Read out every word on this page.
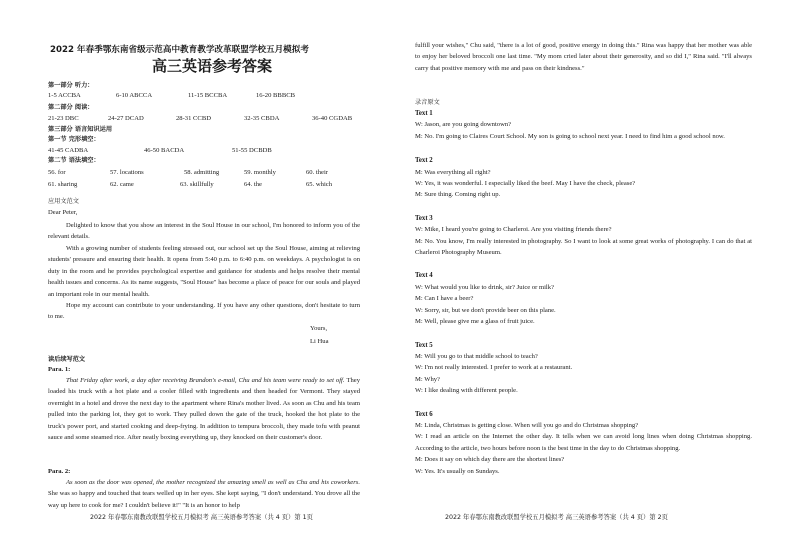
2022 年春季鄂东南省级示范高中教育教学改革联盟学校五月模拟考
高三英语参考答案
第一部分 听力：
1-5 ACCBA	6-10 ABCCA	11-15 BCCBA	16-20 BBBCB
第二部分 阅读：
21-23 DBC	24-27 DCAD	28-31 CCBD	32-35 CBDA	36-40 CGDAB
第三部分 语言知识运用
第一节 完形填空：
41-45 CADBA	46-50 BACDA	51-55 DCBDB
第二节 语法填空：
56. for	57. locations	58. admitting	59. monthly	60. their
61. sharing	62. came	63. skillfully	64. the	65. which
应用文范文
Dear Peter,
Delighted to know that you show an interest in the Soul House in our school, I'm honored to inform you of the relevant details.
With a growing number of students feeling stressed out, our school set up the Soul House, aiming at relieving students' pressure and ensuring their health. It opens from 5:40 p.m. to 6:40 p.m. on weekdays. A psychologist is on duty in the room and he provides psychological expertise and guidance for students and helps resolve their mental health issues and concerns. As its name suggests, "Soul House" has become a place of peace for our souls and played an important role in our mental health.
Hope my account can contribute to your understanding. If you have any other questions, don't hesitate to turn to me.
Yours,
Li Hua
读后续写范文
Para. 1:
That Friday after work, a day after receiving Brandon's e-mail, Chu and his team were ready to set off. They loaded his truck with a hot plate and a cooler filled with ingredients and then headed for Vermont. They stayed overnight in a hotel and drove the next day to the apartment where Rina's mother lived. As soon as Chu and his team pulled into the parking lot, they got to work. They pulled down the gate of the truck, hooked the hot plate to the truck's power port, and started cooking and deep-frying. In addition to tempura broccoli, they made tofu with peanut sauce and some steamed rice. After neatly boxing everything up, they knocked on their customer's door.
Para. 2:
As soon as the door was opened, the mother recognized the amazing smell as well as Chu and his coworkers. She was so happy and touched that tears welled up in her eyes. She kept saying, "I don't understand. You drove all the way up here to cook for me? I couldn't believe it!" "It is an honor to help
2022 年春鄂东南教改联盟学校五月模拟考 高三英语参考答案（共 4 页）第 1页
fulfill your wishes," Chu said, "there is a lot of good, positive energy in doing this." Rina was happy that her mother was able to enjoy her beloved broccoli one last time. "My mom cried later about their generosity, and so did I," Rina said. "I'll always carry that positive memory with me and pass on their kindness."
录音原文
Text 1
W: Jason, are you going downtown?
M: No. I'm going to Claires Court School. My son is going to school next year. I need to find him a good school now.
Text 2
M: Was everything all right?
W: Yes, it was wonderful. I especially liked the beef. May I have the check, please?
M: Sure thing. Coming right up.
Text 3
W: Mike, I heard you're going to Charleroi. Are you visiting friends there?
M: No. You know, I'm really interested in photography. So I want to look at some great works of photography. I can do that at Charleroi Photography Museum.
Text 4
W: What would you like to drink, sir? Juice or milk?
M: Can I have a beer?
W: Sorry, sir, but we don't provide beer on this plane.
M: Well, please give me a glass of fruit juice.
Text 5
M: Will you go to that middle school to teach?
W: I'm not really interested. I prefer to work at a restaurant.
M: Why?
W: I like dealing with different people.
Text 6
M: Linda, Christmas is getting close. When will you go and do Christmas shopping?
W: I read an article on the Internet the other day. It tells when we can avoid long lines when doing Christmas shopping. According to the article, two hours before noon is the best time in the day to do Christmas shopping.
M: Does it say on which day there are the shortest lines?
W: Yes. It's usually on Sundays.
2022 年春鄂东南教改联盟学校五月模拟考 高三英语参考答案（共 4 页）第 2页
